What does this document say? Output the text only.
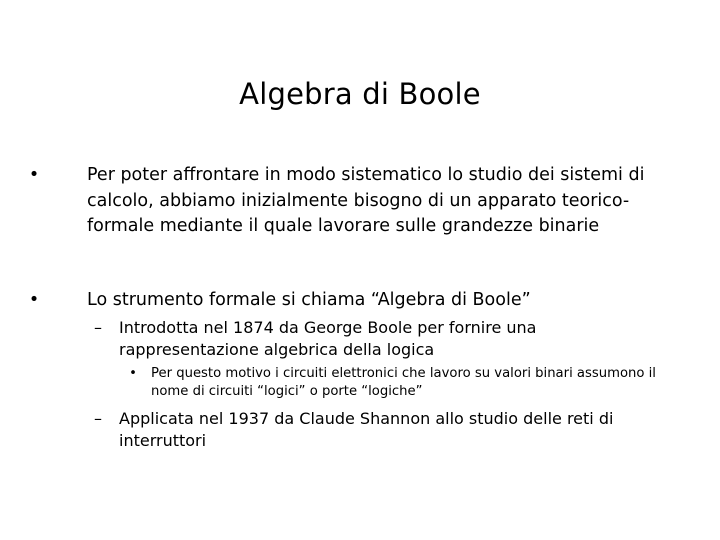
Algebra di Boole
•	Per poter affrontare in modo sistematico lo studio dei sistemi di calcolo, abbiamo inizialmente bisogno di un apparato teorico-formale mediante il quale lavorare sulle grandezze binarie
•	Lo strumento formale si chiama “Algebra di Boole”
–	Introdotta nel 1874 da George Boole per fornire una rappresentazione algebrica della logica
•	Per questo motivo i circuiti elettronici che lavoro su valori binari assumono il nome di circuiti “logici” o porte “logiche”
–	Applicata nel 1937 da Claude Shannon allo studio delle reti di interruttori
